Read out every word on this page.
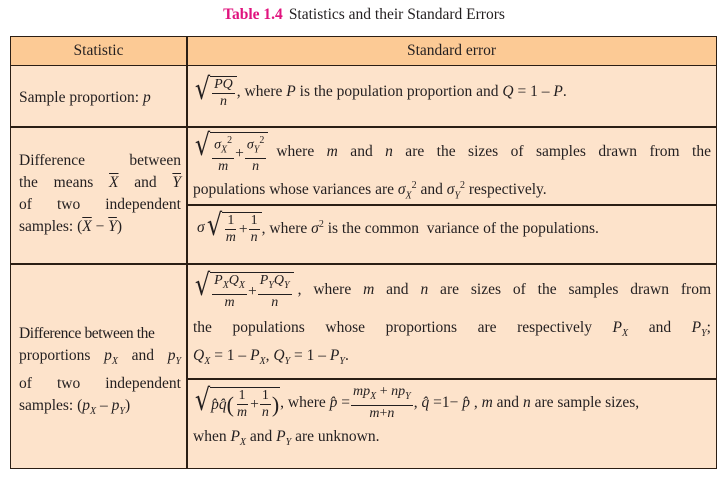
Table 1.4 Statistics and their Standard Errors
Statistic	Standard error
Sample proportion: p	√ $\frac{PQ}{n}$ , where P is the population proportion and Q = 1 – P.
Difference  between
the means $\overline{X}$ and $\overline{Y}$
of two independent
samples: $(\overline{X} - \overline{Y})$
√ $\frac{\sigma_X^2}{m} + \frac{\sigma_Y^2}{n}$ where m and n are the sizes of samples drawn from the
populations whose variances are $\sigma_X^2$ and $\sigma_Y^2$ respectively.
σ √ $\frac{1}{m} + \frac{1}{n}$ , where $\sigma^2$ is the common  variance of the populations.
Difference between the
proportions $p_X$ and $p_Y$
of two independent
samples: $(p_X - p_Y)$
√ $\frac{P_XQ_X}{m} + \frac{P_YQ_Y}{n}$ , where m and n are sizes of the samples drawn from
the populations whose proportions are respectively $P_X$ and $P_Y$;
$Q_X = 1 - P_X$, $Q_Y = 1 - P_Y$.
√ p̂q̂ ( $\frac{1}{m} + \frac{1}{n}$ ) , where p̂ = $\frac{mp_X + np_Y}{m+n}$ , q̂ =1− p̂ , m and n are sample sizes,
when $P_X$ and $P_Y$ are unknown.
